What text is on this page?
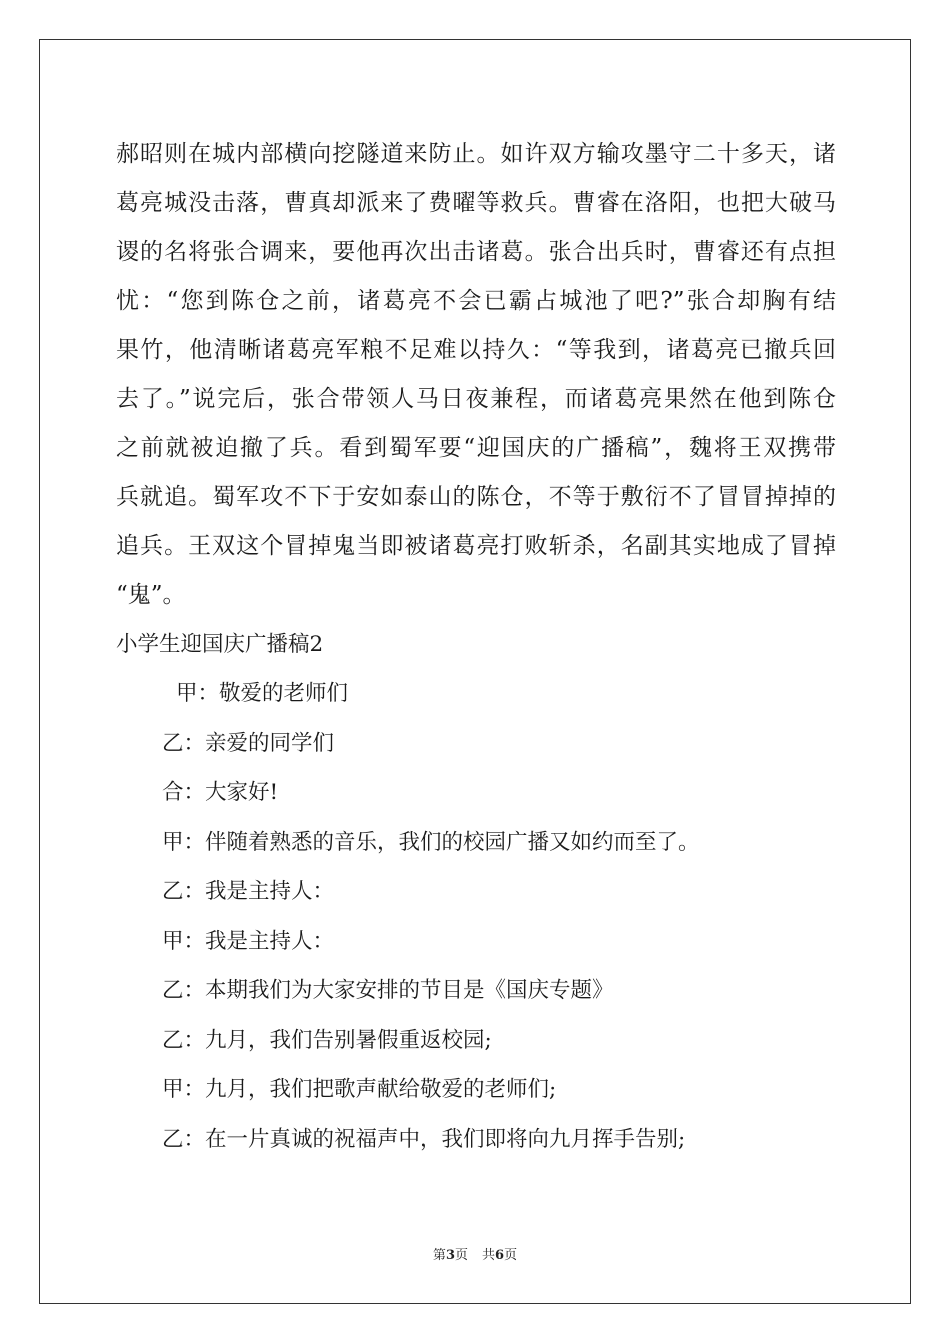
郝昭则在城内部横向挖隧道来防止。如许双方输攻墨守二十多天，诸
葛亮城没击落，曹真却派来了费曜等救兵。曹睿在洛阳，也把大破马
谡的名将张合调来，要他再次出击诸葛。张合出兵时，曹睿还有点担
忧：“您到陈仓之前，诸葛亮不会已霸占城池了吧?”张合却胸有结
果竹，他清晰诸葛亮军粮不足难以持久：“等我到，诸葛亮已撤兵回
去了。”说完后，张合带领人马日夜兼程，而诸葛亮果然在他到陈仓
之前就被迫撤了兵。看到蜀军要“迎国庆的广播稿”，魏将王双携带
兵就追。蜀军攻不下于安如泰山的陈仓，不等于敷衍不了冒冒掉掉的
追兵。王双这个冒掉鬼当即被诸葛亮打败斩杀，名副其实地成了冒掉
“鬼”。
小学生迎国庆广播稿2
甲：敬爱的老师们
乙：亲爱的同学们
合：大家好!
甲：伴随着熟悉的音乐，我们的校园广播又如约而至了。
乙：我是主持人：
甲：我是主持人：
乙：本期我们为大家安排的节目是《国庆专题》
乙：九月，我们告别暑假重返校园;
甲：九月，我们把歌声献给敬爱的老师们;
乙：在一片真诚的祝福声中，我们即将向九月挥手告别;
第3页 共6页
